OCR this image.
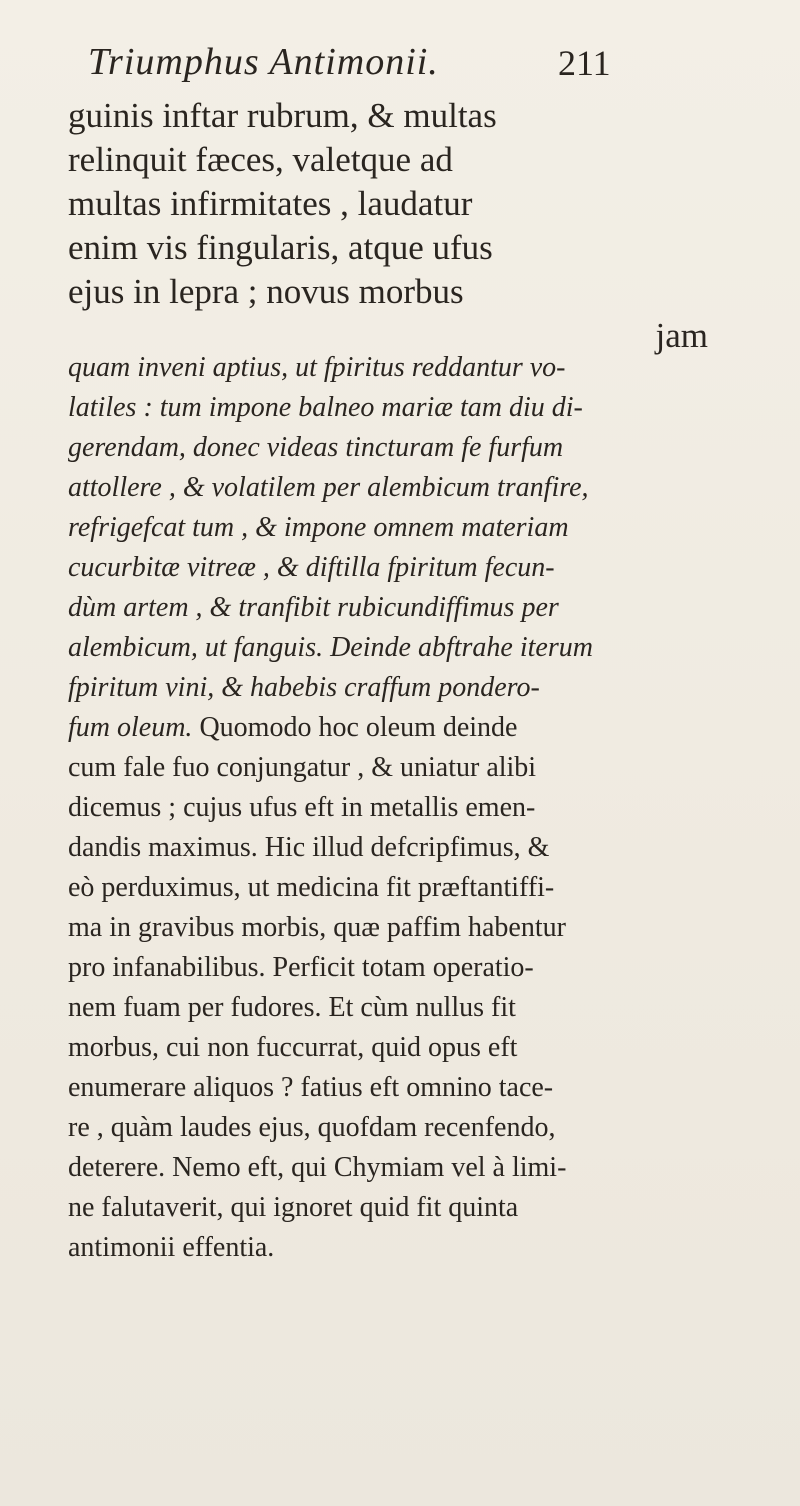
Triumphus Antimonii.	211
guinis inftar rubrum, & multas
relinquit fæces, valetque ad
multas infirmitates , laudatur
enim vis fingularis, atque ufus
ejus in lepra ; novus morbus
jam
quam inveni aptius, ut fpiritus reddantur vo-
latiles : tum impone balneo mariæ tam diu di-
gerendam, donec videas tincturam fe furfum
attollere , & volatilem per alembicum tranfire,
refrigefcat tum , & impone omnem materiam
cucurbitæ vitreæ , & diftilla fpiritum fecun-
dùm artem , & tranfibit rubicundiffimus per
alembicum, ut fanguis. Deinde abftrahe iterum
fpiritum vini, & habebis craffum pondero-
fum oleum. Quomodo hoc oleum deinde
cum fale fuo conjungatur , & uniatur alibi
dicemus ; cujus ufus eft in metallis emen-
dandis maximus. Hic illud defcripfimus, &
eò perduximus, ut medicina fit præftantiffi-
ma in gravibus morbis, quæ paffim habentur
pro infanabilibus. Perficit totam operatio-
nem fuam per fudores. Et cùm nullus fit
morbus, cui non fuccurrat, quid opus eft
enumerare aliquos ? fatius eft omnino tace-
re , quàm laudes ejus, quofdam recenfendo,
deterere. Nemo eft, qui Chymiam vel à limi-
ne falutaverit, qui ignoret quid fit quinta
antimonii effentia.
